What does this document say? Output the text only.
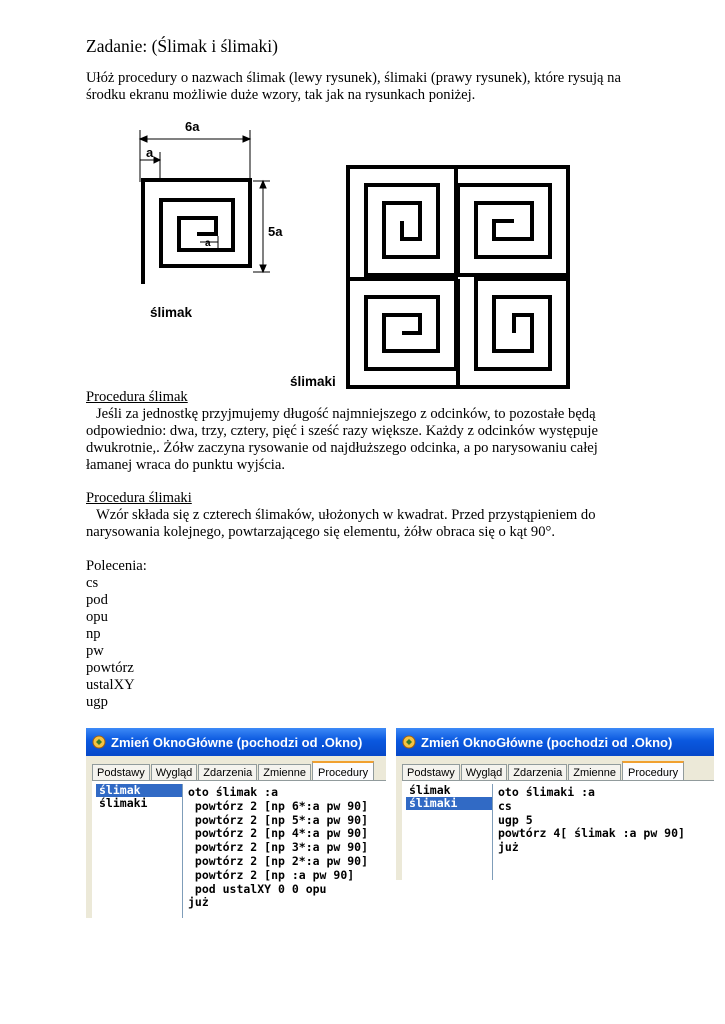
Zadanie: (Ślimak i ślimaki)
Ułóż procedury o nazwach ślimak (lewy rysunek), ślimaki (prawy rysunek), które rysują na
środku ekranu możliwie duże wzory, tak jak na rysunkach poniżej.
6a
a
5a
a
ślimak
ślimaki
Procedura ślimak
Jeśli za jednostkę przyjmujemy długość najmniejszego z odcinków, to pozostałe będą
odpowiednio: dwa, trzy, cztery, pięć i sześć razy większe. Każdy z odcinków występuje
dwukrotnie,. Żółw zaczyna rysowanie od najdłuższego odcinka, a po narysowaniu całej
łamanej wraca do punktu wyjścia.
Procedura ślimaki
Wzór składa się z czterech ślimaków, ułożonych w kwadrat. Przed przystąpieniem do
narysowania kolejnego, powtarzającego się elementu, żółw obraca się o kąt 90°.
Polecenia:
cs
pod
opu
np
pw
powtórz
ustalXY
ugp
Zmień OknoGłówne (pochodzi od .Okno)
Podstawy	Wygląd	Zdarzenia	Zmienne	Procedury
ślimak
ślimaki
oto ślimak :a
powtórz 2 [np 6*:a pw 90]
powtórz 2 [np 5*:a pw 90]
powtórz 2 [np 4*:a pw 90]
powtórz 2 [np 3*:a pw 90]
powtórz 2 [np 2*:a pw 90]
powtórz 2 [np :a pw 90]
pod ustalXY 0 0 opu
już
Zmień OknoGłówne (pochodzi od .Okno)
Podstawy	Wygląd	Zdarzenia	Zmienne	Procedury
ślimak
ślimaki
oto ślimaki :a
cs
ugp 5
powtórz 4[ ślimak :a pw 90]
już
